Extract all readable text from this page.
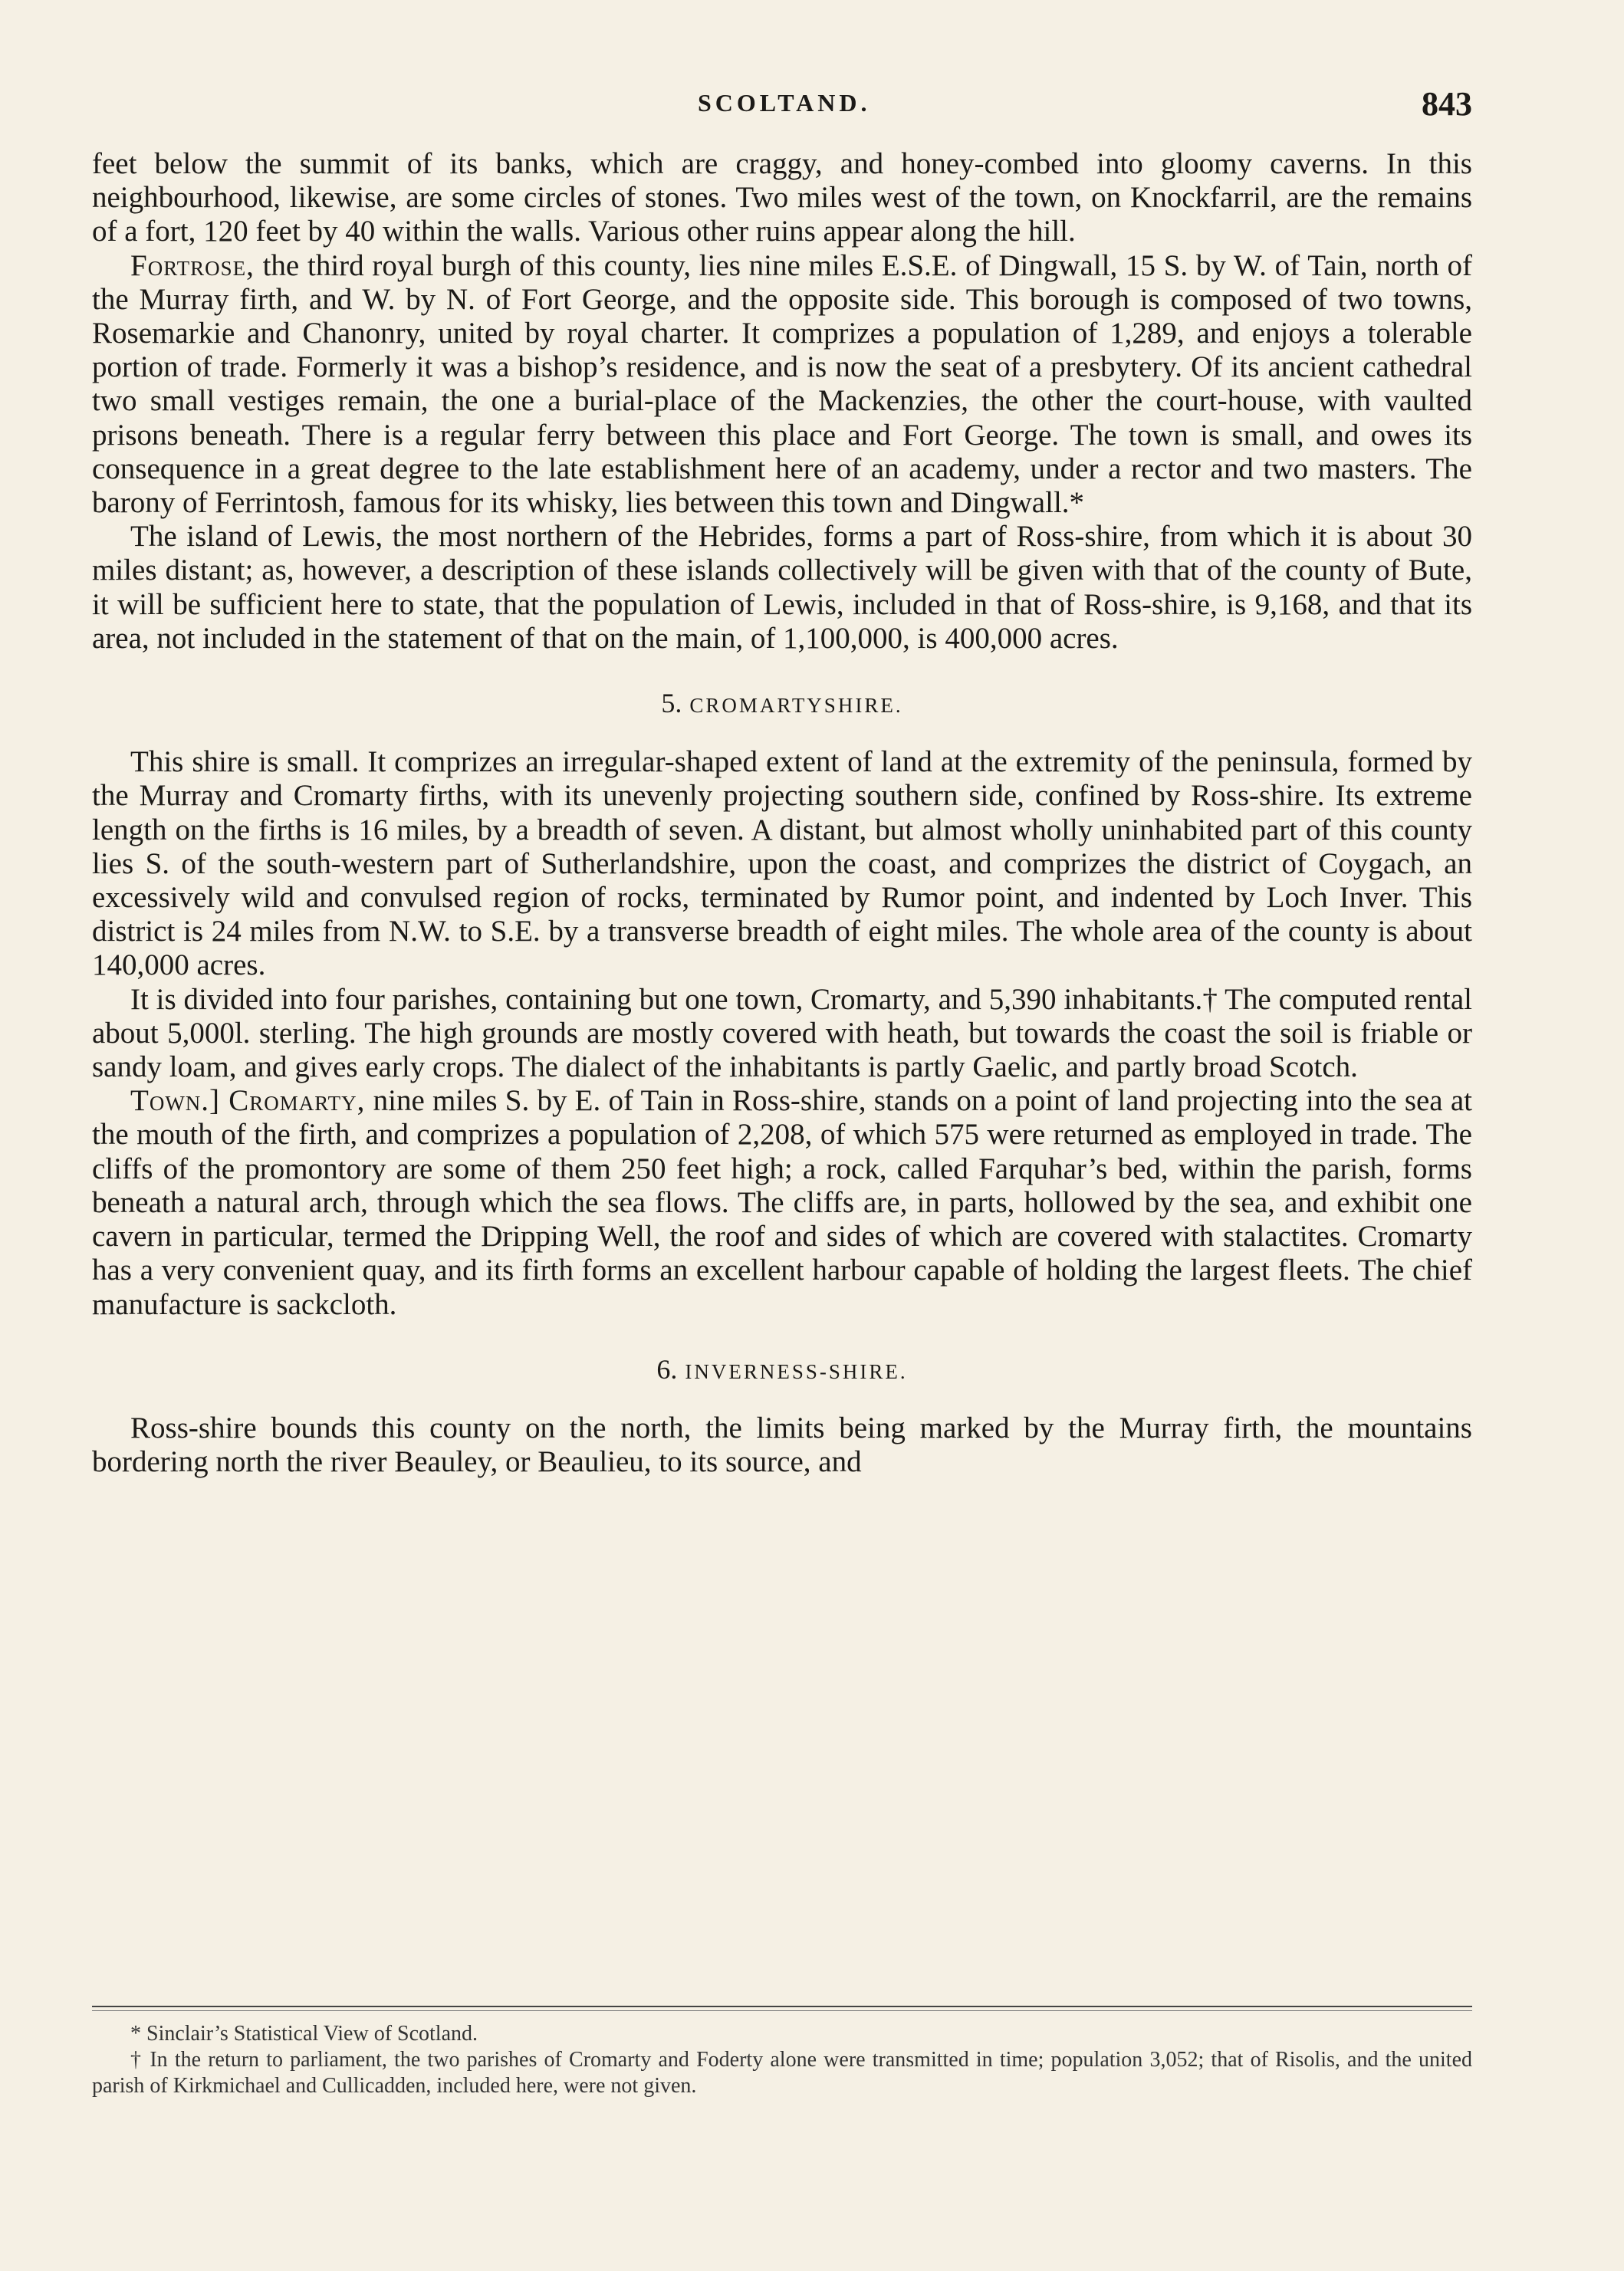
SCOLTAND.	843

feet below the summit of its banks, which are craggy, and honey-combed into gloomy caverns. In this neighbourhood, likewise, are some circles of stones. Two miles west of the town, on Knockfarril, are the remains of a fort, 120 feet by 40 within the walls. Various other ruins appear along the hill.

Fortrose, the third royal burgh of this county, lies nine miles E.S.E. of Dingwall, 15 S. by W. of Tain, north of the Murray firth, and W. by N. of Fort George, and the opposite side. This borough is composed of two towns, Rosemarkie and Chanonry, united by royal charter. It comprizes a population of 1,289, and enjoys a tolerable portion of trade. Formerly it was a bishop’s residence, and is now the seat of a presbytery. Of its ancient cathedral two small vestiges remain, the one a burial-place of the Mackenzies, the other the court-house, with vaulted prisons beneath. There is a regular ferry between this place and Fort George. The town is small, and owes its consequence in a great degree to the late establishment here of an academy, under a rector and two masters. The barony of Ferrintosh, famous for its whisky, lies between this town and Dingwall.*

The island of Lewis, the most northern of the Hebrides, forms a part of Ross-shire, from which it is about 30 miles distant; as, however, a description of these islands collectively will be given with that of the county of Bute, it will be sufficient here to state, that the population of Lewis, included in that of Ross-shire, is 9,168, and that its area, not included in the statement of that on the main, of 1,100,000, is 400,000 acres.

5. CROMARTYSHIRE.

This shire is small. It comprizes an irregular-shaped extent of land at the extremity of the peninsula, formed by the Murray and Cromarty firths, with its unevenly projecting southern side, confined by Ross-shire. Its extreme length on the firths is 16 miles, by a breadth of seven. A distant, but almost wholly uninhabited part of this county lies S. of the south-western part of Sutherlandshire, upon the coast, and comprizes the district of Coygach, an excessively wild and convulsed region of rocks, terminated by Rumor point, and indented by Loch Inver. This district is 24 miles from N.W. to S.E. by a transverse breadth of eight miles. The whole area of the county is about 140,000 acres.

It is divided into four parishes, containing but one town, Cromarty, and 5,390 inhabitants.† The computed rental about 5,000l. sterling. The high grounds are mostly covered with heath, but towards the coast the soil is friable or sandy loam, and gives early crops. The dialect of the inhabitants is partly Gaelic, and partly broad Scotch.

Town.] Cromarty, nine miles S. by E. of Tain in Ross-shire, stands on a point of land projecting into the sea at the mouth of the firth, and comprizes a population of 2,208, of which 575 were returned as employed in trade. The cliffs of the promontory are some of them 250 feet high; a rock, called Farquhar’s bed, within the parish, forms beneath a natural arch, through which the sea flows. The cliffs are, in parts, hollowed by the sea, and exhibit one cavern in particular, termed the Dripping Well, the roof and sides of which are covered with stalactites. Cromarty has a very convenient quay, and its firth forms an excellent harbour capable of holding the largest fleets. The chief manufacture is sackcloth.

6. INVERNESS-SHIRE.

Ross-shire bounds this county on the north, the limits being marked by the Murray firth, the mountains bordering north the river Beauley, or Beaulieu, to its source, and

* Sinclair’s Statistical View of Scotland.

† In the return to parliament, the two parishes of Cromarty and Foderty alone were transmitted in time; population 3,052; that of Risolis, and the united parish of Kirkmichael and Cullicadden, included here, were not given.
